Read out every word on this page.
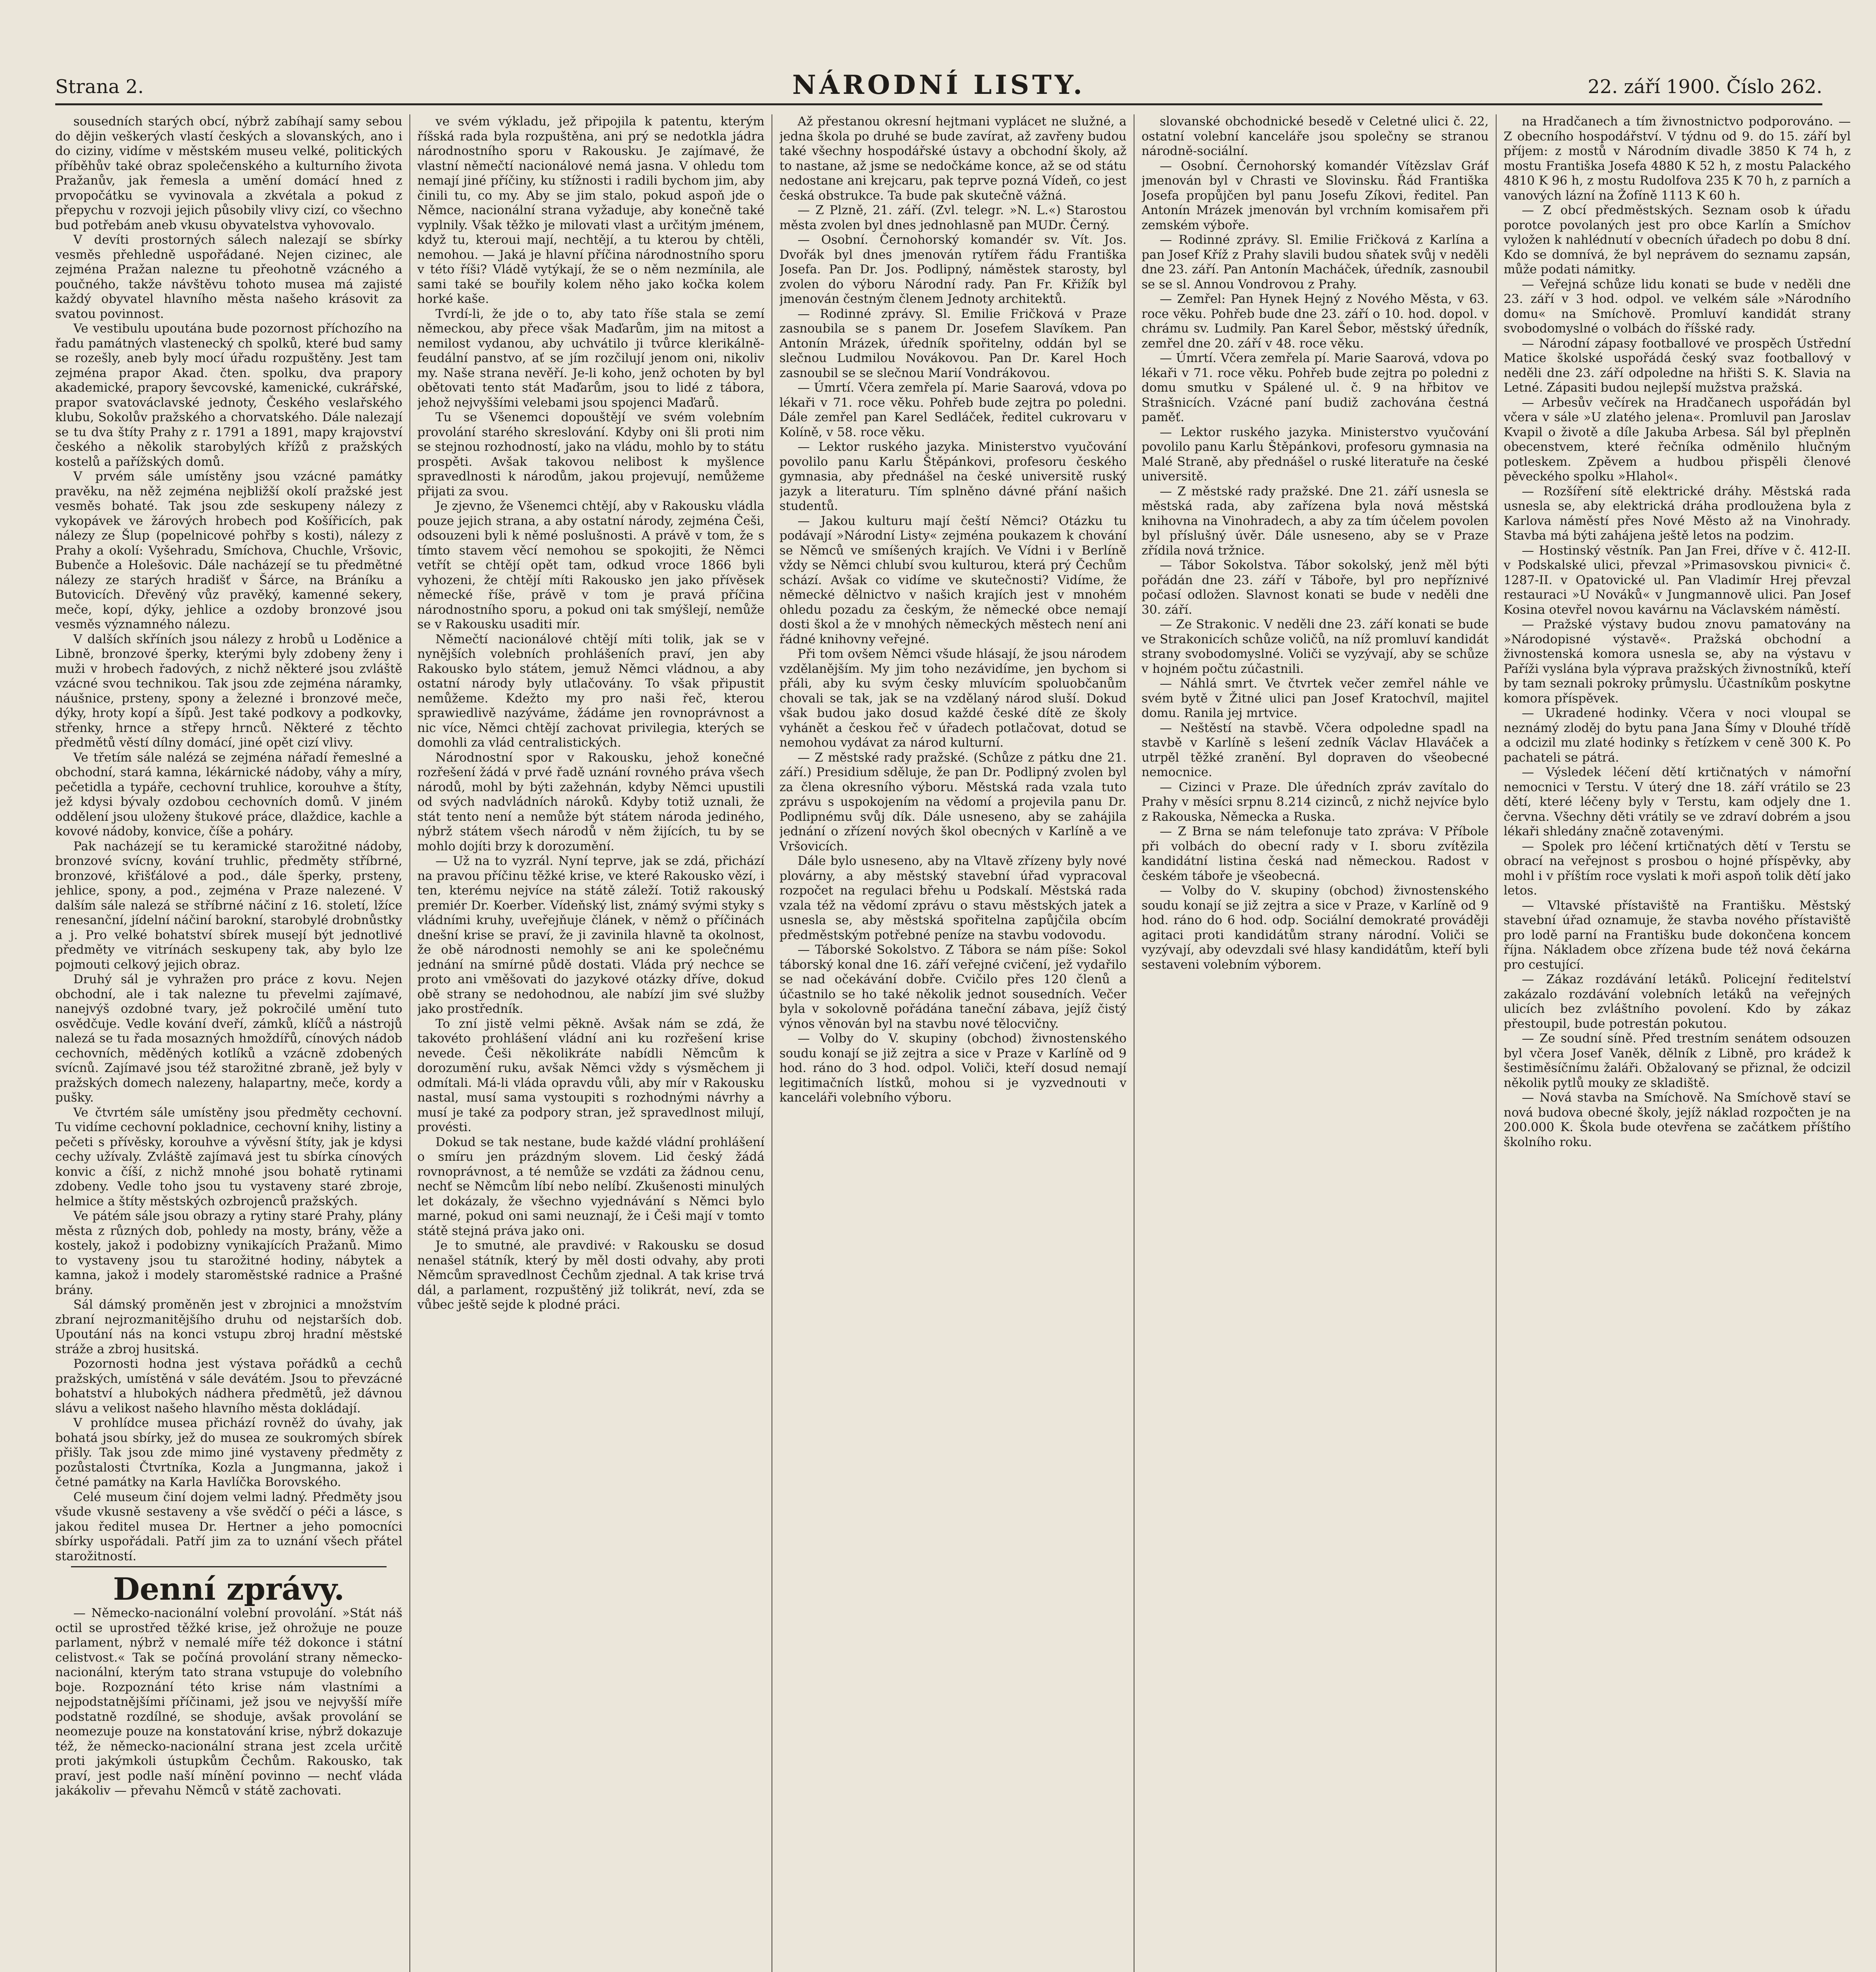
Strana 2.	NÁRODNÍ LISTY.	22. září 1900. Číslo 262.

sousedních starých obcí, nýbrž zabíhají samy sebou do dějin veškerých vlastí českých a slovanských, ano i do ciziny, vidíme v městském museu velké, politických příběhův také obraz společenského a kulturního života Pražanův, jak řemesla a umění domácí hned z prvopočátku se vyvinovala a zkvétala a pokud z přepychu v rozvoji jejich působily vlivy cizí, co všechno bud potřebám aneb vkusu obyvatelstva vyhovovalo.

V devíti prostorných sálech nalezají se sbírky vesměs přehledně uspořádané. Nejen cizinec, ale zejména Pražan nalezne tu přeohotně vzácného a poučného, takže návštěvu tohoto musea má zajisté každý obyvatel hlavního města našeho krásovit za svatou povinnost.

Ve vestibulu upoutána bude pozornost příchozího na řadu památných vlastenecký ch spolků, které bud samy se rozešly, aneb byly mocí úřadu rozpuštěny. Jest tam zejména prapor Akad. čten. spolku, dva prapory akademické, prapory ševcovské, kamenické, cukrářské, prapor svatováclavské jednoty, Českého veslařského klubu, Sokolův pražského a chorvatského. Dále nalezají se tu dva štíty Prahy z r. 1791 a 1891, mapy krajovství českého a několik starobylých křížů z pražských kostelů a pařížských domů.

V prvém sále umístěny jsou vzácné památky pravěku, na něž zejména nejbližší okolí pražské jest vesměs bohaté. Tak jsou zde seskupeny nálezy z vykopávek ve žárových hrobech pod Košířicích, pak nálezy ze Šlup (popelnicové pohřby s kosti), nálezy z Prahy a okolí: Vyšehradu, Smíchova, Chuchle, Vršovic, Bubenče a Holešovic. Dále nacházejí se tu předmětné nálezy ze starých hradišť v Šárce, na Bráníku a Butovicích. Dřevěný vůz pravěký, kamenné sekery, meče, kopí, dýky, jehlice a ozdoby bronzové jsou vesměs významného nálezu.

V dalších skříních jsou nálezy z hrobů u Loděnice a Libně, bronzové šperky, kterými byly zdobeny ženy i muži v hrobech řadových, z nichž některé jsou zvláště vzácné svou technikou. Tak jsou zde zejména náramky, náušnice, prsteny, spony a železné i bronzové meče, dýky, hroty kopí a šípů. Jest také podkovy a podkovky, střenky, hrnce a střepy hrnců. Některé z těchto předmětů věstí dílny domácí, jiné opět cizí vlivy.

Ve třetím sále nalézá se zejména nářadí řemeslné a obchodní, stará kamna, lékárnické nádoby, váhy a míry, pečetidla a typáře, cechovní truhlice, korouhve a štíty, jež kdysi bývaly ozdobou cechovních domů. V jiném oddělení jsou uloženy štukové práce, dlaždice, kachle a kovové nádoby, konvice, číše a poháry.

Pak nacházejí se tu keramické starožitné nádoby, bronzové svícny, kování truhlic, předměty stříbrné, bronzové, křišťálové a pod., dále šperky, prsteny, jehlice, spony, a pod., zejména v Praze nalezené. V dalším sále nalezá se stříbrné náčiní z 16. století, lžíce renesanční, jídelní náčiní barokní, starobylé drobnůstky a j. Pro velké bohatství sbírek musejí být jednotlivé předměty ve vitrínách seskupeny tak, aby bylo lze pojmouti celkový jejich obraz.

Druhý sál je vyhražen pro práce z kovu. Nejen obchodní, ale i tak nalezne tu převelmi zajímavé, nanejvýš ozdobné tvary, jež pokročilé umění tuto osvědčuje. Vedle kování dveří, zámků, klíčů a nástrojů nalezá se tu řada mosazných hmoždířů, cínových nádob cechovních, měděných kotlíků a vzácně zdobených svícnů. Zajímavé jsou též starožitné zbraně, jež byly v pražských domech nalezeny, halapartny, meče, kordy a pušky.

Ve čtvrtém sále umístěny jsou předměty cechovní. Tu vidíme cechovní pokladnice, cechovní knihy, listiny a pečeti s přívěsky, korouhve a vývěsní štíty, jak je kdysi cechy užívaly. Zvláště zajímavá jest tu sbírka cínových konvic a číší, z nichž mnohé jsou bohatě rytinami zdobeny. Vedle toho jsou tu vystaveny staré zbroje, helmice a štíty městských ozbrojenců pražských.

Ve pátém sále jsou obrazy a rytiny staré Prahy, plány města z různých dob, pohledy na mosty, brány, věže a kostely, jakož i podobizny vynikajících Pražanů. Mimo to vystaveny jsou tu starožitné hodiny, nábytek a kamna, jakož i modely staroměstské radnice a Prašné brány.

Sál dámský proměněn jest v zbrojnici a množstvím zbraní nejrozmanitějšího druhu od nejstarších dob. Upoutání nás na konci vstupu zbroj hradní městské stráže a zbroj husitská.

Pozornosti hodna jest výstava pořádků a cechů pražských, umístěná v sále devátém. Jsou to převzácné bohatství a hlubokých nádhera předmětů, jež dávnou slávu a velikost našeho hlavního města dokládají.

V prohlídce musea přichází rovněž do úvahy, jak bohatá jsou sbírky, jež do musea ze soukromých sbírek přišly. Tak jsou zde mimo jiné vystaveny předměty z pozůstalosti Čtvrtníka, Kozla a Jungmanna, jakož i četné památky na Karla Havlíčka Borovského.

Celé museum činí dojem velmi ladný. Předměty jsou všude vkusně sestaveny a vše svědčí o péči a lásce, s jakou ředitel musea Dr. Hertner a jeho pomocníci sbírky uspořádali. Patří jim za to uznání všech přátel starožitností.

Denní zprávy.

— Německo-nacionální volební provolání. »Stát náš octil se uprostřed těžké krise, jež ohrožuje ne pouze parlament, nýbrž v nemalé míře též dokonce i státní celistvost.« Tak se počíná provolání strany německo-nacionální, kterým tato strana vstupuje do volebního boje. Rozpoznání této krise nám vlastními a nejpodstatnějšími příčinami, jež jsou ve nejvyšší míře podstatně rozdílné, se shoduje, avšak provolání se neomezuje pouze na konstatování krise, nýbrž dokazuje též, že německo-nacionální strana jest zcela určitě proti jakýmkoli ústupkům Čechům. Rakousko, tak praví, jest podle naší mínění povinno — nechť vláda jakákoliv — převahu Němců v státě zachovati.

ve svém výkladu, jež připojila k patentu, kterým říšská rada byla rozpuštěna, ani prý se nedotkla jádra národnostního sporu v Rakousku. Je zajímavé, že vlastní němečtí nacionálové nemá jasna. V ohledu tom nemají jiné příčiny, ku stížnosti i radili bychom jim, aby činili tu, co my. Aby se jim stalo, pokud aspoň jde o Němce, nacionální strana vyžaduje, aby konečně také vyplnily. Však těžko je milovati vlast a určitým jménem, když tu, kteroui mají, nechtějí, a tu kterou by chtěli, nemohou. — Jaká je hlavní příčina národnostního sporu v této říši? Vládě vytýkají, že se o něm nezmínila, ale sami také se bouřily kolem něho jako kočka kolem horké kaše.

Tvrdí-li, že jde o to, aby tato říše stala se zemí německou, aby přece však Maďarům, jim na mitost a nemilost vydanou, aby uchvátilo ji tvůrce klerikálně-feudální panstvo, ať se jím rozčilují jenom oni, nikoliv my. Naše strana nevěří. Je-li koho, jenž ochoten by byl obětovati tento stát Maďarům, jsou to lidé z tábora, jehož nejvyššími velebami jsou spojenci Maďarů.

Tu se Všenemci dopouštějí ve svém volebním provolání starého skreslování. Kdyby oni šli proti nim se stejnou rozhodností, jako na vládu, mohlo by to státu prospěti. Avšak takovou nelibost k myšlence spravedlnosti k národům, jakou projevují, nemůžeme přijati za svou.

Je zjevno, že Všenemci chtějí, aby v Rakousku vládla pouze jejich strana, a aby ostatní národy, zejména Češi, odsouzeni byli k němé poslušnosti. A právě v tom, že s tímto stavem věcí nemohou se spokojiti, že Němci vetřít se chtějí opět tam, odkud vroce 1866 byli vyhozeni, že chtějí míti Rakousko jen jako přívěsek německé říše, právě v tom je pravá příčina národnostního sporu, a pokud oni tak smýšlejí, nemůže se v Rakousku usaditi mír.

Němečtí nacionálové chtějí míti tolik, jak se v nynějších volebních prohlášeních praví, jen aby Rakousko bylo státem, jemuž Němci vládnou, a aby ostatní národy byly utlačovány. To však připustit nemůžeme. Kdežto my pro naši řeč, kterou sprawiedlivě nazýváme, žádáme jen rovnoprávnost a nic více, Němci chtějí zachovat privilegia, kterých se domohli za vlád centralistických.

Národnostní spor v Rakousku, jehož konečné rozřešení žádá v prvé řadě uznání rovného práva všech národů, mohl by býti zažehnán, kdyby Němci upustili od svých nadvládních nároků. Kdyby totiž uznali, že stát tento není a nemůže být státem národa jediného, nýbrž státem všech národů v něm žijících, tu by se mohlo dojíti brzy k dorozumění.

— Už na to vyzrál. Nyní teprve, jak se zdá, přichází na pravou příčinu těžké krise, ve které Rakousko vězí, i ten, kterému nejvíce na státě záleží. Totiž rakouský premiér Dr. Koerber. Vídeňský list, známý svými styky s vládními kruhy, uveřejňuje článek, v němž o příčinách dnešní krise se praví, že ji zavinila hlavně ta okolnost, že obě národnosti nemohly se ani ke společnému jednání na smírné půdě dostati. Vláda prý nechce se proto ani vměšovati do jazykové otázky dříve, dokud obě strany se nedohodnou, ale nabízí jim své služby jako prostředník.

To zní jistě velmi pěkně. Avšak nám se zdá, že takovéto prohlášení vládní ani ku rozřešení krise nevede. Češi několikráte nabídli Němcům k dorozumění ruku, avšak Němci vždy s výsměchem ji odmítali. Má-li vláda opravdu vůli, aby mír v Rakousku nastal, musí sama vystoupiti s rozhodnými návrhy a musí je také za podpory stran, jež spravedlnost milují, provésti.

Dokud se tak nestane, bude každé vládní prohlášení o smíru jen prázdným slovem. Lid český žádá rovnoprávnost, a té nemůže se vzdáti za žádnou cenu, nechť se Němcům líbí nebo nelíbí. Zkušenosti minulých let dokázaly, že všechno vyjednávání s Němci bylo marné, pokud oni sami neuznají, že i Češi mají v tomto státě stejná práva jako oni.

Je to smutné, ale pravdivé: v Rakousku se dosud nenašel státník, který by měl dosti odvahy, aby proti Němcům spravedlnost Čechům zjednal. A tak krise trvá dál, a parlament, rozpuštěný již tolikrát, neví, zda se vůbec ještě sejde k plodné práci.

Až přestanou okresní hejtmani vyplácet ne služné, a jedna škola po druhé se bude zavírat, až zavřeny budou také všechny hospodářské ústavy a obchodní školy, až to nastane, až jsme se nedočkáme konce, až se od státu nedostane ani krejcaru, pak teprve pozná Vídeň, co jest česká obstrukce. Ta bude pak skutečně vážná.

— Z Plzně, 21. září. (Zvl. telegr. »N. L.«) Starostou města zvolen byl dnes jednohlasně pan MUDr. Černý.

— Osobní. Černohorský komandér sv. Vít. Jos. Dvořák byl dnes jmenován rytířem řádu Františka Josefa. Pan Dr. Jos. Podlipný, náměstek starosty, byl zvolen do výboru Národní rady. Pan Fr. Křižík byl jmenován čestným členem Jednoty architektů.

— Rodinné zprávy. Sl. Emilie Fričková v Praze zasnoubila se s panem Dr. Josefem Slavíkem. Pan Antonín Mrázek, úředník spořitelny, oddán byl se slečnou Ludmilou Novákovou. Pan Dr. Karel Hoch zasnoubil se se slečnou Marií Vondrákovou.

— Úmrtí. Včera zemřela pí. Marie Saarová, vdova po lékaři v 71. roce věku. Pohřeb bude zejtra po poledni. Dále zemřel pan Karel Sedláček, ředitel cukrovaru v Kolíně, v 58. roce věku.

— Lektor ruského jazyka. Ministerstvo vyučování povolilo panu Karlu Štěpánkovi, profesoru českého gymnasia, aby přednášel na české universitě ruský jazyk a literaturu. Tím splněno dávné přání našich studentů.

— Jakou kulturu mají čeští Němci? Otázku tu podávají »Národní Listy« zejména poukazem k chování se Němců ve smíšených krajích. Ve Vídni i v Berlíně vždy se Němci chlubí svou kulturou, která prý Čechům schází. Avšak co vidíme ve skutečnosti? Vidíme, že německé dělnictvo v našich krajích jest v mnohém ohledu pozadu za českým, že německé obce nemají dosti škol a že v mnohých německých městech není ani řádné knihovny veřejné.

Při tom ovšem Němci všude hlásají, že jsou národem vzdělanějším. My jim toho nezávidíme, jen bychom si přáli, aby ku svým česky mluvícím spoluobčanům chovali se tak, jak se na vzdělaný národ sluší. Dokud však budou jako dosud každé české dítě ze školy vyhánět a českou řeč v úřadech potlačovat, dotud se nemohou vydávat za národ kulturní.

— Z městské rady pražské. (Schůze z pátku dne 21. září.) Presidium sděluje, že pan Dr. Podlipný zvolen byl za člena okresního výboru. Městská rada vzala tuto zprávu s uspokojením na vědomí a projevila panu Dr. Podlipnému svůj dík. Dále usneseno, aby se zahájila jednání o zřízení nových škol obecných v Karlíně a ve Vršovicích.

Dále bylo usneseno, aby na Vltavě zřízeny byly nové plovárny, a aby městský stavební úřad vypracoval rozpočet na regulaci břehu u Podskalí. Městská rada vzala též na vědomí zprávu o stavu městských jatek a usnesla se, aby městská spořitelna zapůjčila obcím předměstským potřebné peníze na stavbu vodovodu.

— Táborské Sokolstvo. Z Tábora se nám píše: Sokol táborský konal dne 16. září veřejné cvičení, jež vydařilo se nad očekávání dobře. Cvičilo přes 120 členů a účastnilo se ho také několik jednot sousedních. Večer byla v sokolovně pořádána taneční zábava, jejíž čistý výnos věnován byl na stavbu nové tělocvičny.

— Volby do V. skupiny (obchod) živnostenského soudu konají se již zejtra a sice v Praze v Karlíně od 9 hod. ráno do 3 hod. odpol. Voliči, kteří dosud nemají legitimačních lístků, mohou si je vyzvednouti v kanceláři volebního výboru.

slovanské obchodnické besedě v Celetné ulici č. 22, ostatní volební kanceláře jsou společny se stranou národně-sociální.

— Osobní. Černohorský komandér Vítězslav Gráf jmenován byl v Chrasti ve Slovinsku. Řád Františka Josefa propůjčen byl panu Josefu Zíkovi, ředitel. Pan Antonín Mrázek jmenován byl vrchním komisařem při zemském výboře.

— Rodinné zprávy. Sl. Emilie Fričková z Karlína a pan Josef Kříž z Prahy slavili budou sňatek svůj v neděli dne 23. září. Pan Antonín Macháček, úředník, zasnoubil se se sl. Annou Vondrovou z Prahy.

— Zemřel: Pan Hynek Hejný z Nového Města, v 63. roce věku. Pohřeb bude dne 23. září o 10. hod. dopol. v chrámu sv. Ludmily. Pan Karel Šebor, městský úředník, zemřel dne 20. září v 48. roce věku.

— Úmrtí. Včera zemřela pí. Marie Saarová, vdova po lékaři v 71. roce věku. Pohřeb bude zejtra po poledni z domu smutku v Spálené ul. č. 9 na hřbitov ve Strašnicích. Vzácné paní budiž zachována čestná paměť.

— Lektor ruského jazyka. Ministerstvo vyučování povolilo panu Karlu Štěpánkovi, profesoru gymnasia na Malé Straně, aby přednášel o ruské literatuře na české universitě.

— Z městské rady pražské. Dne 21. září usnesla se městská rada, aby zařízena byla nová městská knihovna na Vinohradech, a aby za tím účelem povolen byl příslušný úvěr. Dále usneseno, aby se v Praze zřídila nová tržnice.

— Tábor Sokolstva. Tábor sokolský, jenž měl býti pořádán dne 23. září v Táboře, byl pro nepříznivé počasí odložen. Slavnost konati se bude v neděli dne 30. září.

— Ze Strakonic. V neděli dne 23. září konati se bude ve Strakonicích schůze voličů, na níž promluví kandidát strany svobodomyslné. Voliči se vyzývají, aby se schůze v hojném počtu zúčastnili.

— Náhlá smrt. Ve čtvrtek večer zemřel náhle ve svém bytě v Žitné ulici pan Josef Kratochvíl, majitel domu. Ranila jej mrtvice.

— Neštěstí na stavbě. Včera odpoledne spadl na stavbě v Karlíně s lešení zedník Václav Hlaváček a utrpěl těžké zranění. Byl dopraven do všeobecné nemocnice.

— Cizinci v Praze. Dle úředních zpráv zavítalo do Prahy v měsíci srpnu 8.214 cizinců, z nichž nejvíce bylo z Rakouska, Německa a Ruska.

— Z Brna se nám telefonuje tato zpráva: V Příbole při volbách do obecní rady v I. sboru zvítězila kandidátní listina česká nad německou. Radost v českém táboře je všeobecná.

— Volby do V. skupiny (obchod) živnostenského soudu konají se již zejtra a sice v Praze, v Karlíně od 9 hod. ráno do 6 hod. odp. Sociální demokraté prováději agitaci proti kandidátům strany národní. Voliči se vyzývají, aby odevzdali své hlasy kandidátům, kteří byli sestaveni volebním výborem.

na Hradčanech a tím živnostnictvo podporováno. — Z obecního hospodářství. V týdnu od 9. do 15. září byl příjem: z mostů v Národním divadle 3850 K 74 h, z mostu Františka Josefa 4880 K 52 h, z mostu Palackého 4810 K 96 h, z mostu Rudolfova 235 K 70 h, z parních a vanových lázní na Žofíně 1113 K 60 h.

— Z obcí předměstských. Seznam osob k úřadu porotce povolaných jest pro obce Karlín a Smíchov vyložen k nahlédnutí v obecních úřadech po dobu 8 dní. Kdo se domnívá, že byl neprávem do seznamu zapsán, může podati námitky.

— Veřejná schůze lidu konati se bude v neděli dne 23. září v 3 hod. odpol. ve velkém sále »Národního domu« na Smíchově. Promluví kandidát strany svobodomyslné o volbách do říšské rady.

— Národní zápasy footballové ve prospěch Ústřední Matice školské uspořádá český svaz footballový v neděli dne 23. září odpoledne na hřišti S. K. Slavia na Letné. Zápasiti budou nejlepší mužstva pražská.

— Arbesův večírek na Hradčanech uspořádán byl včera v sále »U zlatého jelena«. Promluvil pan Jaroslav Kvapil o životě a díle Jakuba Arbesa. Sál byl přeplněn obecenstvem, které řečníka odměnilo hlučným potleskem. Zpěvem a hudbou přispěli členové pěveckého spolku »Hlahol«.

— Rozšíření sítě elektrické dráhy. Městská rada usnesla se, aby elektrická dráha prodloužena byla z Karlova náměstí přes Nové Město až na Vinohrady. Stavba má býti zahájena ještě letos na podzim.

— Hostinský věstník. Pan Jan Frei, dříve v č. 412-II. v Podskalské ulici, převzal »Primasovskou pivnici« č. 1287-II. v Opatovické ul. Pan Vladimír Hrej převzal restauraci »U Nováků« v Jungmannově ulici. Pan Josef Kosina otevřel novou kavárnu na Václavském náměstí.

— Pražské výstavy budou znovu pamatovány na »Národopisné výstavě«. Pražská obchodní a živnostenská komora usnesla se, aby na výstavu v Paříži vyslána byla výprava pražských živnostníků, kteří by tam seznali pokroky průmyslu. Účastníkům poskytne komora příspěvek.

— Ukradené hodinky. Včera v noci vloupal se neznámý zloděj do bytu pana Jana Šímy v Dlouhé třídě a odcizil mu zlaté hodinky s řetízkem v ceně 300 K. Po pachateli se pátrá.

— Výsledek léčení dětí krtičnatých v námořní nemocnici v Terstu. V úterý dne 18. září vrátilo se 23 dětí, které léčeny byly v Terstu, kam odjely dne 1. června. Všechny děti vrátily se ve zdraví dobrém a jsou lékaři shledány značně zotavenými.

— Spolek pro léčení krtičnatých dětí v Terstu se obrací na veřejnost s prosbou o hojné příspěvky, aby mohl i v příštím roce vyslati k moři aspoň tolik dětí jako letos.

— Vltavské přístaviště na Františku. Městský stavební úřad oznamuje, že stavba nového přístaviště pro lodě parní na Františku bude dokončena koncem října. Nákladem obce zřízena bude též nová čekárna pro cestující.

— Zákaz rozdávání letáků. Policejní ředitelství zakázalo rozdávání volebních letáků na veřejných ulicích bez zvláštního povolení. Kdo by zákaz přestoupil, bude potrestán pokutou.

— Ze soudní síně. Před trestním senátem odsouzen byl včera Josef Vaněk, dělník z Libně, pro krádež k šestiměsíčnímu žaláři. Obžalovaný se přiznal, že odcizil několik pytlů mouky ze skladiště.

— Nová stavba na Smíchově. Na Smíchově staví se nová budova obecné školy, jejíž náklad rozpočten je na 200.000 K. Škola bude otevřena se začátkem příštího školního roku.
